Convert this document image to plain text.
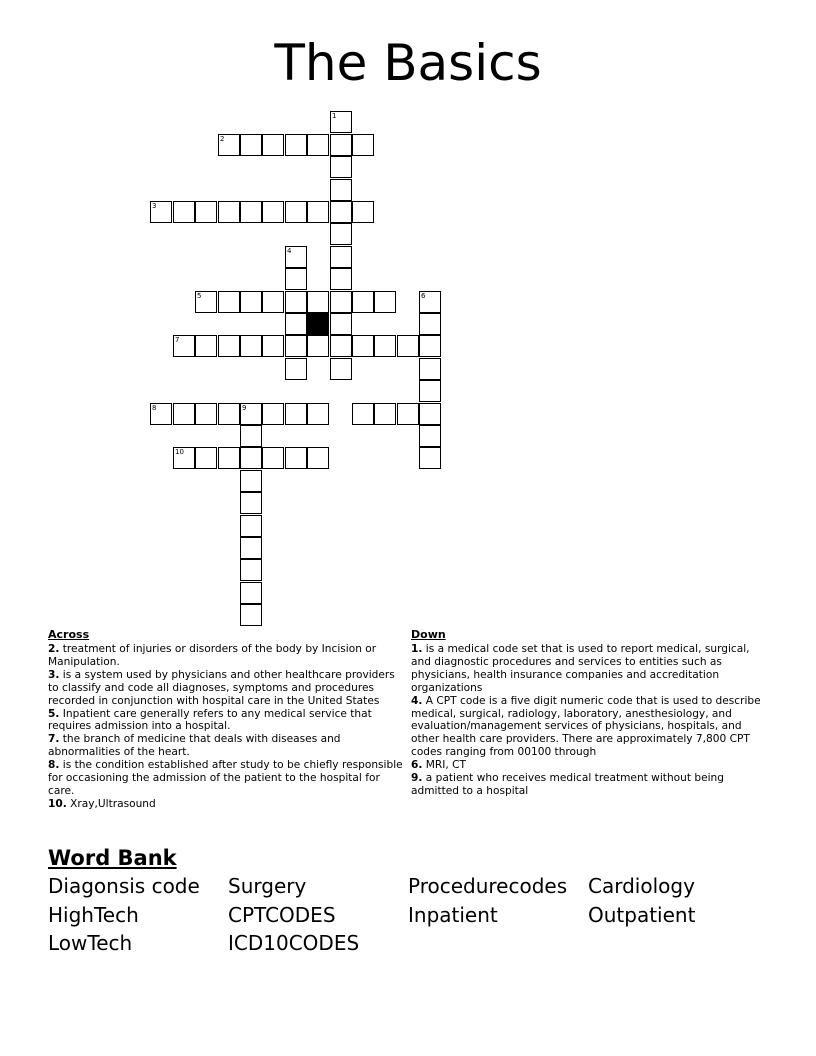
The Basics
1
2
3
4
5	6
7
8	9
10
Across
2. treatment of injuries or disorders of the body by Incision or Manipulation.
3. is a system used by physicians and other healthcare providers to classify and code all diagnoses, symptoms and procedures recorded in conjunction with hospital care in the United States
5. Inpatient care generally refers to any medical service that requires admission into a hospital.
7. the branch of medicine that deals with diseases and abnormalities of the heart.
8. is the condition established after study to be chiefly responsible for occasioning the admission of the patient to the hospital for care.
10. Xray,Ultrasound
Down
1. is a medical code set that is used to report medical, surgical, and diagnostic procedures and services to entities such as physicians, health insurance companies and accreditation organizations
4. A CPT code is a five digit numeric code that is used to describe medical, surgical, radiology, laboratory, anesthesiology, and evaluation/management services of physicians, hospitals, and other health care providers. There are approximately 7,800 CPT codes ranging from 00100 through
6. MRI, CT
9. a patient who receives medical treatment without being admitted to a hospital
Word Bank
Diagonsis code	Surgery	Procedurecodes	Cardiology
HighTech	CPTCODES	Inpatient	Outpatient
LowTech	ICD10CODES
